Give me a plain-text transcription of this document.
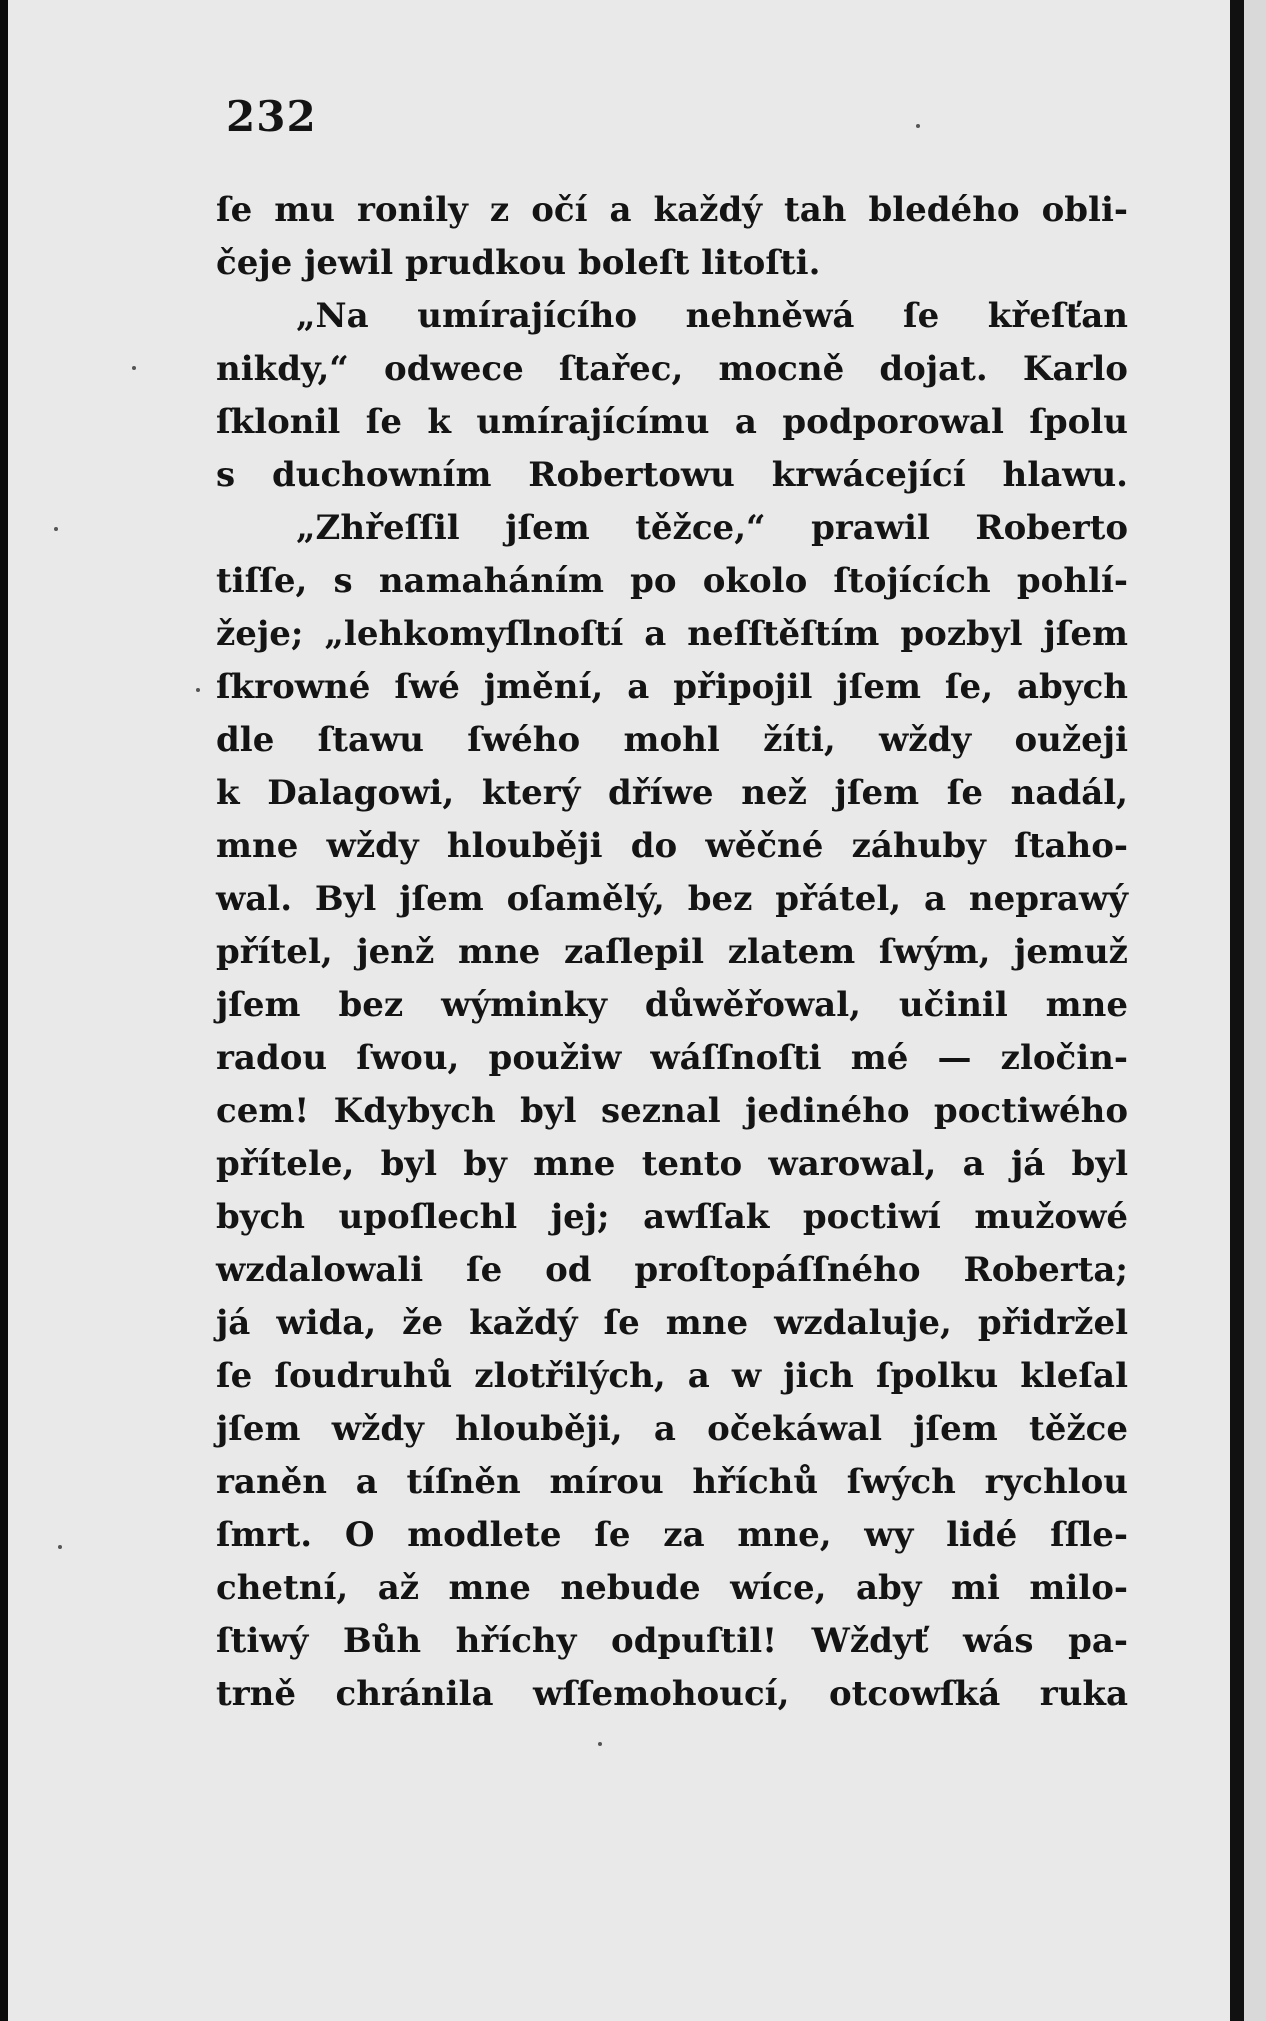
232
ſe mu ronily z očí a každý tah bledého obli-
čeje jewil prudkou boleſt litoſti.
„Na umírajícího nehněwá ſe křeſťan
nikdy,“ odwece ſtařec, mocně dojat. Karlo
ſklonil ſe k umírajícímu a podporowal ſpolu
s duchowním Robertowu krwácející hlawu.
„Zhřeſſil jſem těžce,“ prawil Roberto
tiſſe, s namaháním po okolo ſtojících pohlí-
žeje; „lehkomyſlnoſtí a neſſtěſtím pozbyl jſem
ſkrowné ſwé jmění, a připojil jſem ſe, abych
dle ſtawu ſwého mohl žíti, wždy oužeji
k Dalagowi, který dříwe než jſem ſe nadál,
mne wždy hlouběji do wěčné záhuby ſtaho-
wal. Byl jſem oſamělý, bez přátel, a neprawý
přítel, jenž mne zaſlepil zlatem ſwým, jemuž
jſem bez wýminky důwěřowal, učinil mne
radou ſwou, použiw wáſſnoſti mé — zločin-
cem! Kdybych byl seznal jediného poctiwého
přítele, byl by mne tento warowal, a já byl
bych upoſlechl jej; awſſak poctiwí mužowé
wzdalowali ſe od proſtopáſſného Roberta;
já wida, že každý ſe mne wzdaluje, přidržel
ſe ſoudruhů zlotřilých, a w jich ſpolku kleſal
jſem wždy hlouběji, a očekáwal jſem těžce
raněn a tíſněn mírou hříchů ſwých rychlou
ſmrt. O modlete ſe za mne, wy lidé ſſle-
chetní, až mne nebude wíce, aby mi milo-
ſtiwý Bůh hříchy odpuſtil! Wždyť wás pa-
trně chránila wſſemohoucí, otcowſká ruka
